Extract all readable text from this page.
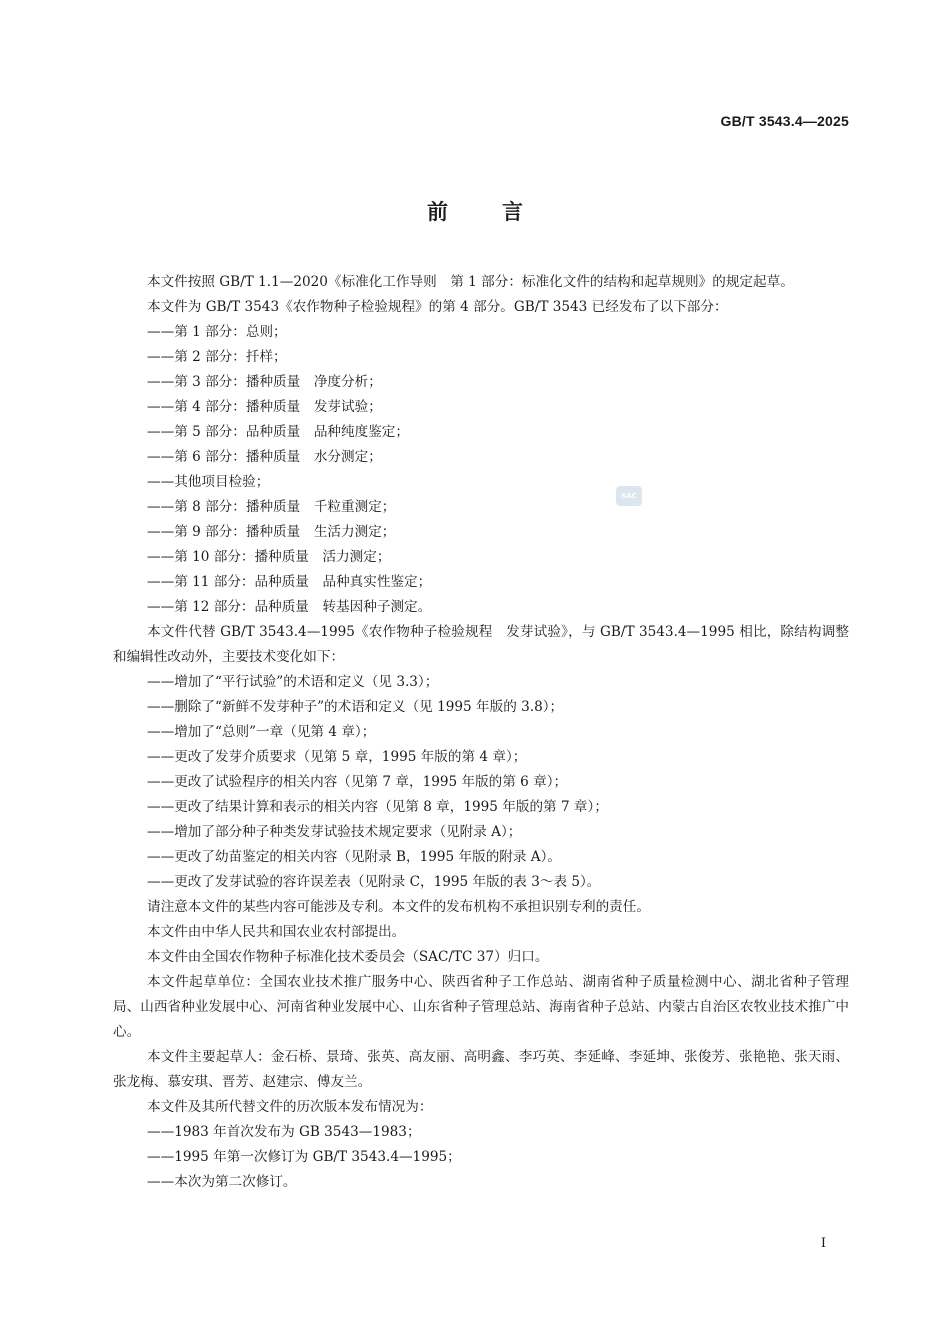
GB/T 3543.4—2025
前言

本文件按照 GB/T 1.1—2020《标准化工作导则　第 1 部分：标准化文件的结构和起草规则》的规定起草。

本文件为 GB/T 3543《农作物种子检验规程》的第 4 部分。GB/T 3543 已经发布了以下部分：

——第 1 部分：总则；

——第 2 部分：扦样；

——第 3 部分：播种质量　净度分析；

——第 4 部分：播种质量　发芽试验；

——第 5 部分：品种质量　品种纯度鉴定；

——第 6 部分：播种质量　水分测定；

——其他项目检验；

——第 8 部分：播种质量　千粒重测定；

——第 9 部分：播种质量　生活力测定；

——第 10 部分：播种质量　活力测定；

——第 11 部分：品种质量　品种真实性鉴定；

——第 12 部分：品种质量　转基因种子测定。

本文件代替 GB/T 3543.4—1995《农作物种子检验规程　发芽试验》，与 GB/T 3543.4—1995 相比，除结构调整和编辑性改动外，主要技术变化如下：

——增加了“平行试验”的术语和定义（见 3.3）；

——删除了“新鲜不发芽种子”的术语和定义（见 1995 年版的 3.8）；

——增加了“总则”一章（见第 4 章）；

——更改了发芽介质要求（见第 5 章，1995 年版的第 4 章）；

——更改了试验程序的相关内容（见第 7 章，1995 年版的第 6 章）；

——更改了结果计算和表示的相关内容（见第 8 章，1995 年版的第 7 章）；

——增加了部分种子种类发芽试验技术规定要求（见附录 A）；

——更改了幼苗鉴定的相关内容（见附录 B，1995 年版的附录 A）。

——更改了发芽试验的容许误差表（见附录 C，1995 年版的表 3～表 5）。

请注意本文件的某些内容可能涉及专利。本文件的发布机构不承担识别专利的责任。

本文件由中华人民共和国农业农村部提出。

本文件由全国农作物种子标准化技术委员会（SAC/TC 37）归口。

本文件起草单位：全国农业技术推广服务中心、陕西省种子工作总站、湖南省种子质量检测中心、湖北省种子管理局、山西省种业发展中心、河南省种业发展中心、山东省种子管理总站、海南省种子总站、内蒙古自治区农牧业技术推广中心。

本文件主要起草人：金石桥、景琦、张英、高友丽、高明鑫、李巧英、李延峰、李延坤、张俊芳、张艳艳、张天雨、张龙梅、慕安琪、晋芳、赵建宗、傅友兰。

本文件及其所代替文件的历次版本发布情况为：

——1983 年首次发布为 GB 3543—1983；

——1995 年第一次修订为 GB/T 3543.4—1995；

——本次为第二次修订。

SAC
I
